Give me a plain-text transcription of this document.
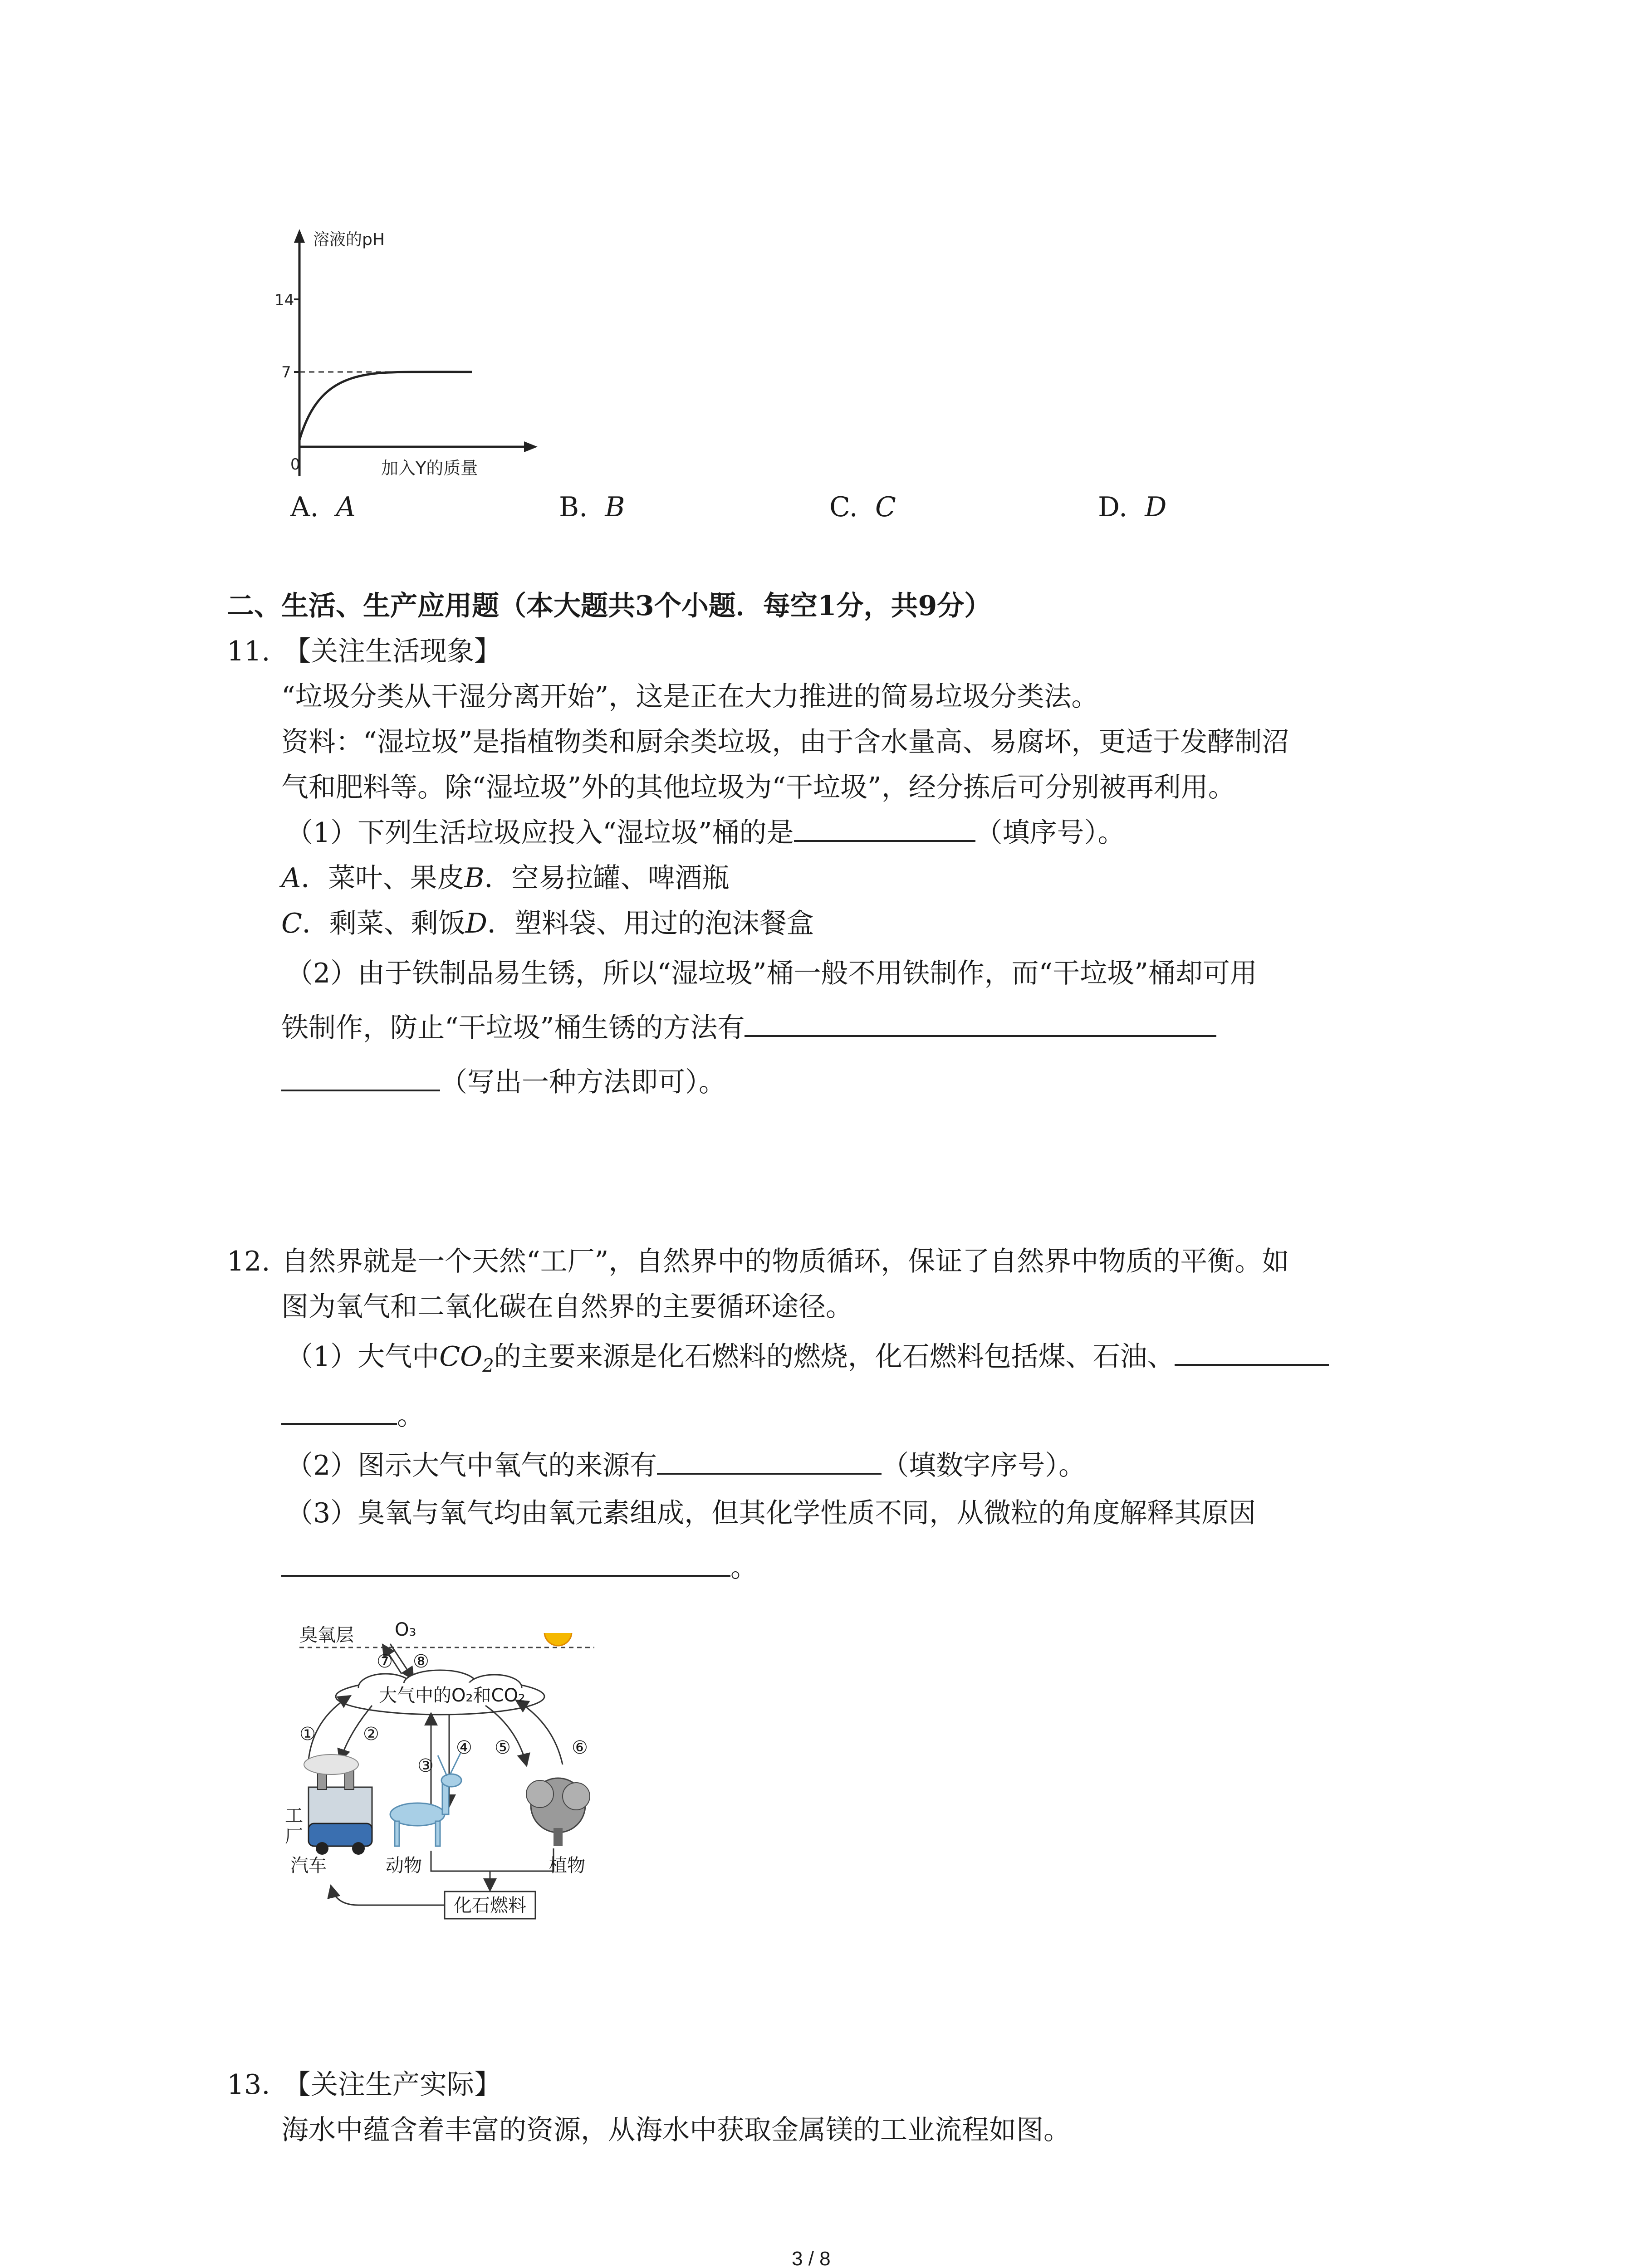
溶液的pH
14
7
0	加入Y的质量
A. A	B. B	C. C	D. D
二、生活、生产应用题（本大题共3个小题．每空1分，共9分）
11. 【关注生活现象】
“垃圾分类从干湿分离开始”，这是正在大力推进的简易垃圾分类法。
资料：“湿垃圾”是指植物类和厨余类垃圾，由于含水量高、易腐坏，更适于发酵制沼
气和肥料等。除“湿垃圾”外的其他垃圾为“干垃圾”，经分拣后可分别被再利用。
（1）下列生活垃圾应投入“湿垃圾”桶的是	（填序号）。
A．菜叶、果皮B．空易拉罐、啤酒瓶
C．剩菜、剩饭D．塑料袋、用过的泡沫餐盒
（2）由于铁制品易生锈，所以“湿垃圾”桶一般不用铁制作，而“干垃圾”桶却可用
铁制作，防止“干垃圾”桶生锈的方法有
（写出一种方法即可）。
12. 自然界就是一个天然“工厂”，自然界中的物质循环，保证了自然界中物质的平衡。如
图为氧气和二氧化碳在自然界的主要循环途径。
（1）大气中$CO_2$的主要来源是化石燃料的燃烧，化石燃料包括煤、石油、
。
（2）图示大气中氧气的来源有	（填数字序号）。
（3）臭氧与氧气均由氧元素组成，但其化学性质不同，从微粒的角度解释其原因
。
臭氧层 O₃
⑦ ⑧
大气中的O₂和CO₂
①	②
③
④ ⑤	⑥
工厂
汽车	动物	植物
化石燃料
13. 【关注生产实际】
海水中蕴含着丰富的资源，从海水中获取金属镁的工业流程如图。
3 / 8
